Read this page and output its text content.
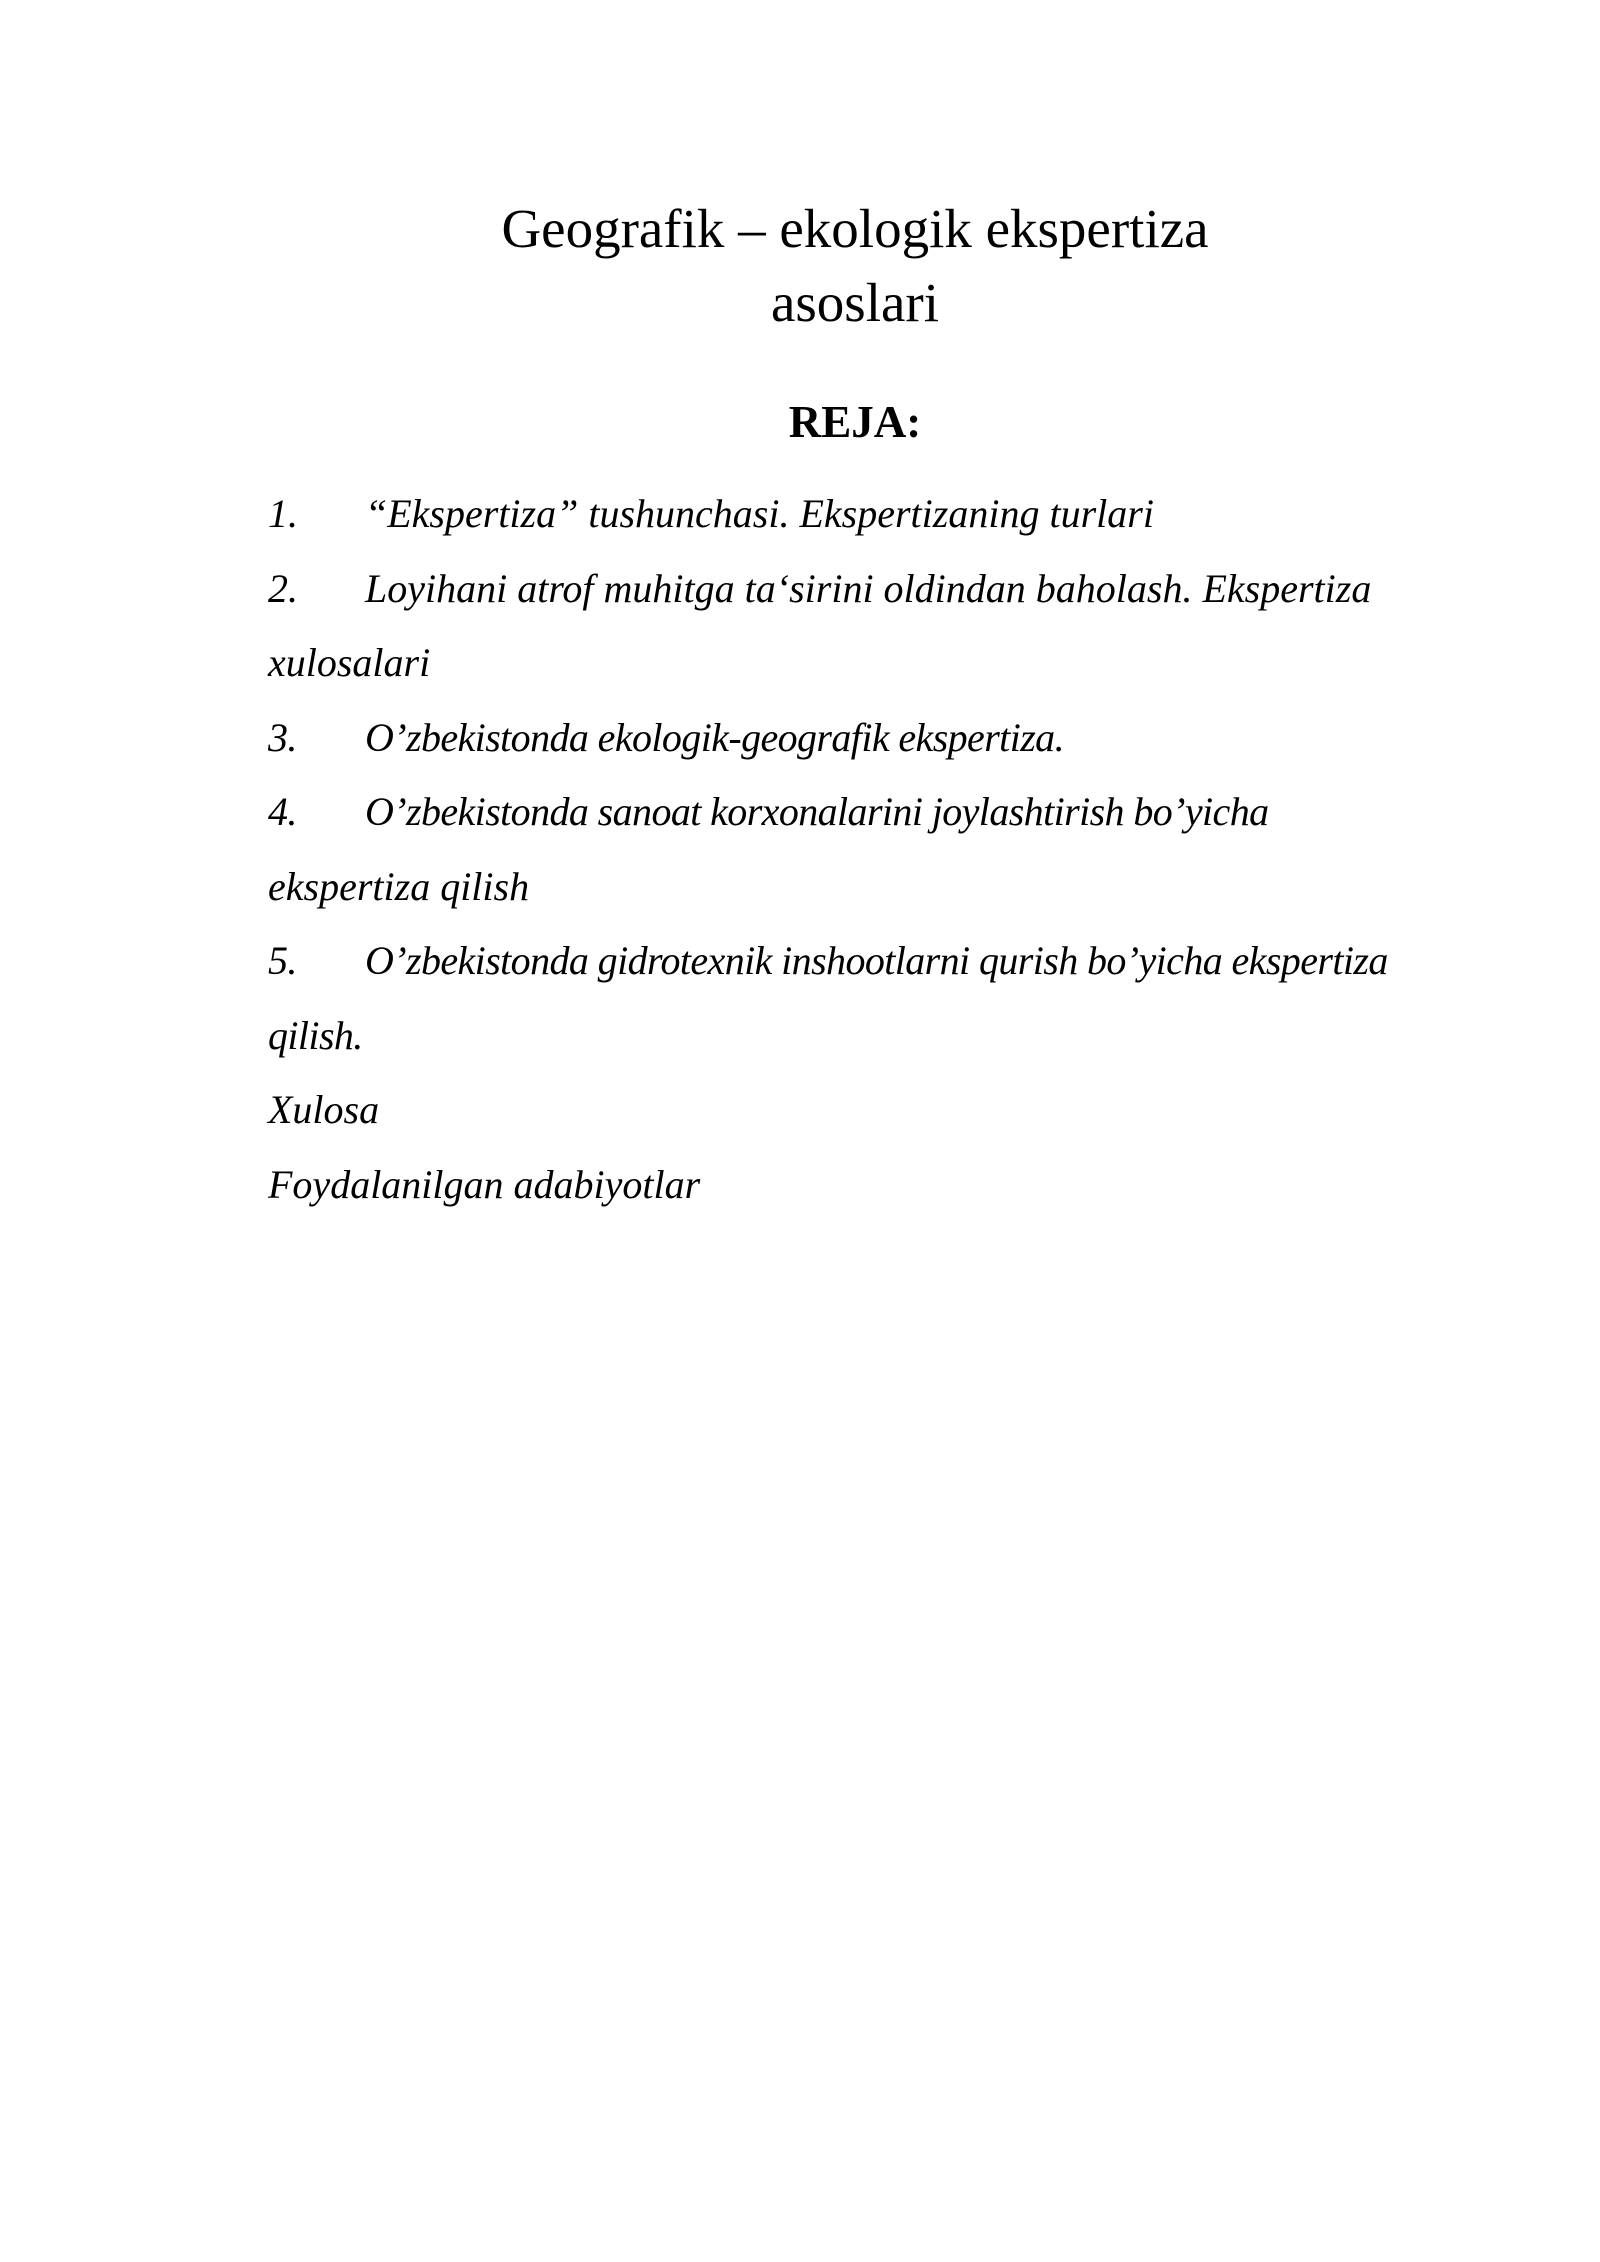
Geografik – ekologik ekspertiza
asoslari
REJA:
1. “Ekspertiza” tushunchasi. Ekspertizaning turlari
2. Loyihani atrof muhitga ta‘sirini oldindan baholash. Ekspertiza
xulosalari
3. O’zbekistonda ekologik-geografik ekspertiza.
4. O’zbekistonda sanoat korxonalarini joylashtirish bo’yicha
ekspertiza qilish
5. O’zbekistonda gidrotexnik inshootlarni qurish bo’yicha ekspertiza
qilish.
Xulosa
Foydalanilgan adabiyotlar
